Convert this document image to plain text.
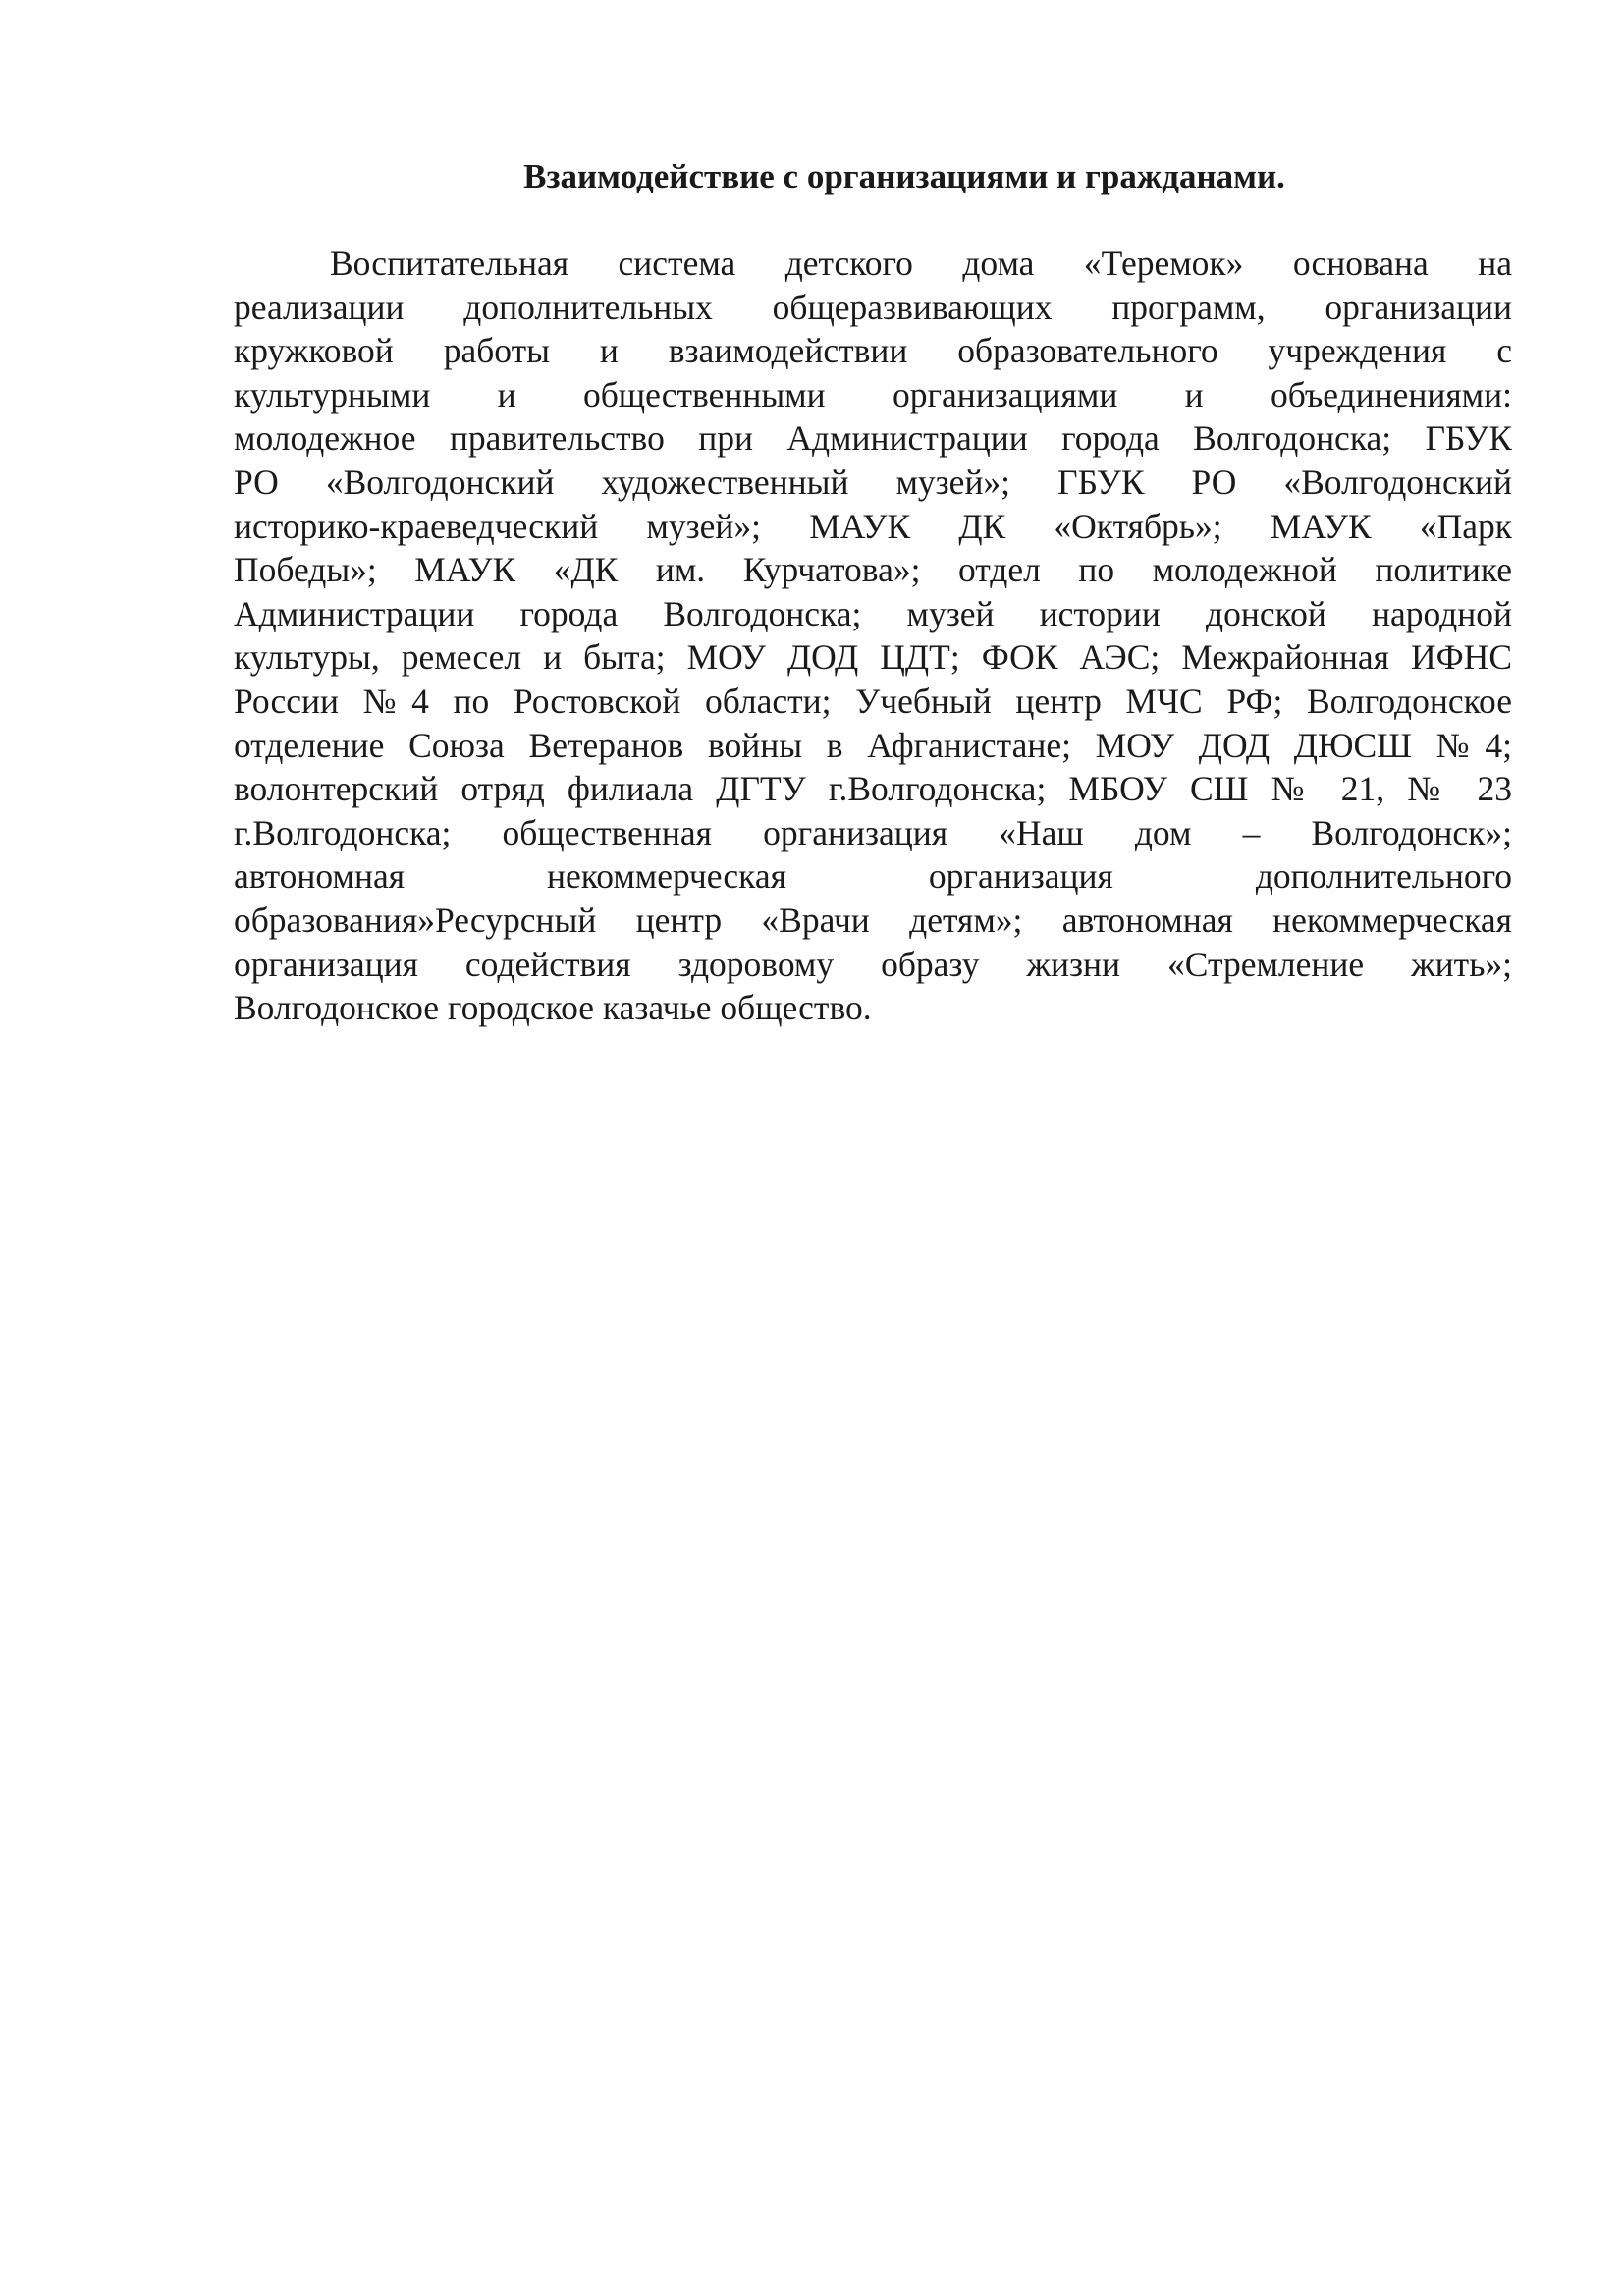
Взаимодействие с организациями и гражданами.
Воспитательная система детского дома «Теремок» основана на
реализации дополнительных общеразвивающих программ, организации
кружковой работы и взаимодействии образовательного учреждения с
культурными и общественными организациями и объединениями:
молодежное правительство при Администрации города Волгодонска; ГБУК
РО «Волгодонский художественный музей»; ГБУК РО «Волгодонский
историко-краеведческий музей»; МАУК ДК «Октябрь»; МАУК «Парк
Победы»; МАУК «ДК им. Курчатова»; отдел по молодежной политике
Администрации города Волгодонска; музей истории донской народной
культуры, ремесел и быта; МОУ ДОД ЦДТ; ФОК АЭС; Межрайонная ИФНС
России №4 по Ростовской области; Учебный центр МЧС РФ; Волгодонское
отделение Союза Ветеранов войны в Афганистане; МОУ ДОД ДЮСШ №4;
волонтерский отряд филиала ДГТУ г.Волгодонска; МБОУ СШ № 21, № 23
г.Волгодонска; общественная организация «Наш дом – Волгодонск»;
автономная некоммерческая организация дополнительного
образования»Ресурсный центр «Врачи детям»; автономная некоммерческая
организация содействия здоровому образу жизни «Стремление жить»;
Волгодонское городское казачье общество.
